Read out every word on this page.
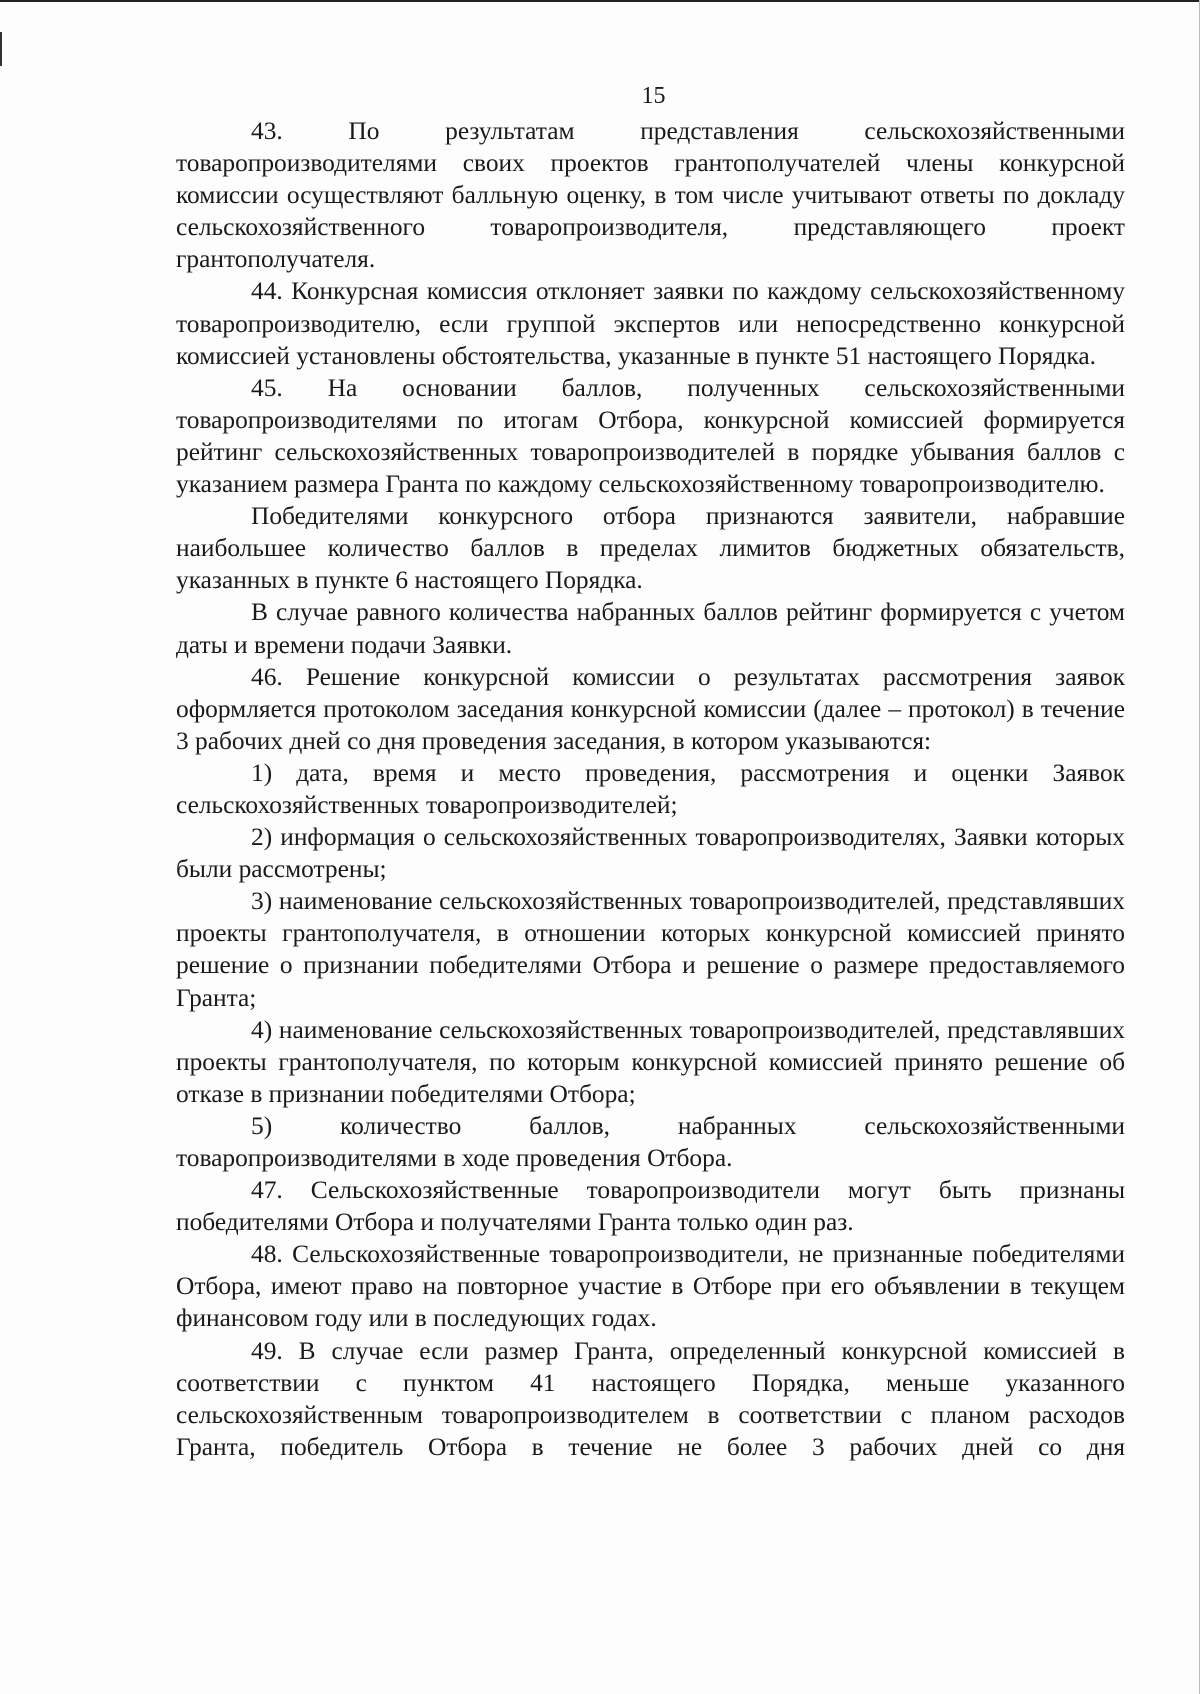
15

43. По результатам представления сельскохозяйственными товаропроизводителями своих проектов грантополучателей члены конкурсной комиссии осуществляют балльную оценку, в том числе учитывают ответы по докладу сельскохозяйственного товаропроизводителя, представляющего проект грантополучателя.

44. Конкурсная комиссия отклоняет заявки по каждому сельскохозяйственному товаропроизводителю, если группой экспертов или непосредственно конкурсной комиссией установлены обстоятельства, указанные в пункте 51 настоящего Порядка.

45. На основании баллов, полученных сельскохозяйственными товаропроизводителями по итогам Отбора, конкурсной комиссией формируется рейтинг сельскохозяйственных товаропроизводителей в порядке убывания баллов с указанием размера Гранта по каждому сельскохозяйственному товаропроизводителю.

Победителями конкурсного отбора признаются заявители, набравшие наибольшее количество баллов в пределах лимитов бюджетных обязательств, указанных в пункте 6 настоящего Порядка.

В случае равного количества набранных баллов рейтинг формируется с учетом даты и времени подачи Заявки.

46. Решение конкурсной комиссии о результатах рассмотрения заявок оформляется протоколом заседания конкурсной комиссии (далее – протокол) в течение 3 рабочих дней со дня проведения заседания, в котором указываются:

1) дата, время и место проведения, рассмотрения и оценки Заявок сельскохозяйственных товаропроизводителей;

2) информация о сельскохозяйственных товаропроизводителях, Заявки которых были рассмотрены;

3) наименование сельскохозяйственных товаропроизводителей, представлявших проекты грантополучателя, в отношении которых конкурсной комиссией принято решение о признании победителями Отбора и решение о размере предоставляемого Гранта;

4) наименование сельскохозяйственных товаропроизводителей, представлявших проекты грантополучателя, по которым конкурсной комиссией принято решение об отказе в признании победителями Отбора;

5) количество баллов, набранных сельскохозяйственными товаропроизводителями в ходе проведения Отбора.

47. Сельскохозяйственные товаропроизводители могут быть признаны победителями Отбора и получателями Гранта только один раз.

48. Сельскохозяйственные товаропроизводители, не признанные победителями Отбора, имеют право на повторное участие в Отборе при его объявлении в текущем финансовом году или в последующих годах.

49. В случае если размер Гранта, определенный конкурсной комиссией в соответствии с пунктом 41 настоящего Порядка, меньше указанного сельскохозяйственным товаропроизводителем в соответствии с планом расходов Гранта, победитель Отбора в течение не более 3 рабочих дней со дня
